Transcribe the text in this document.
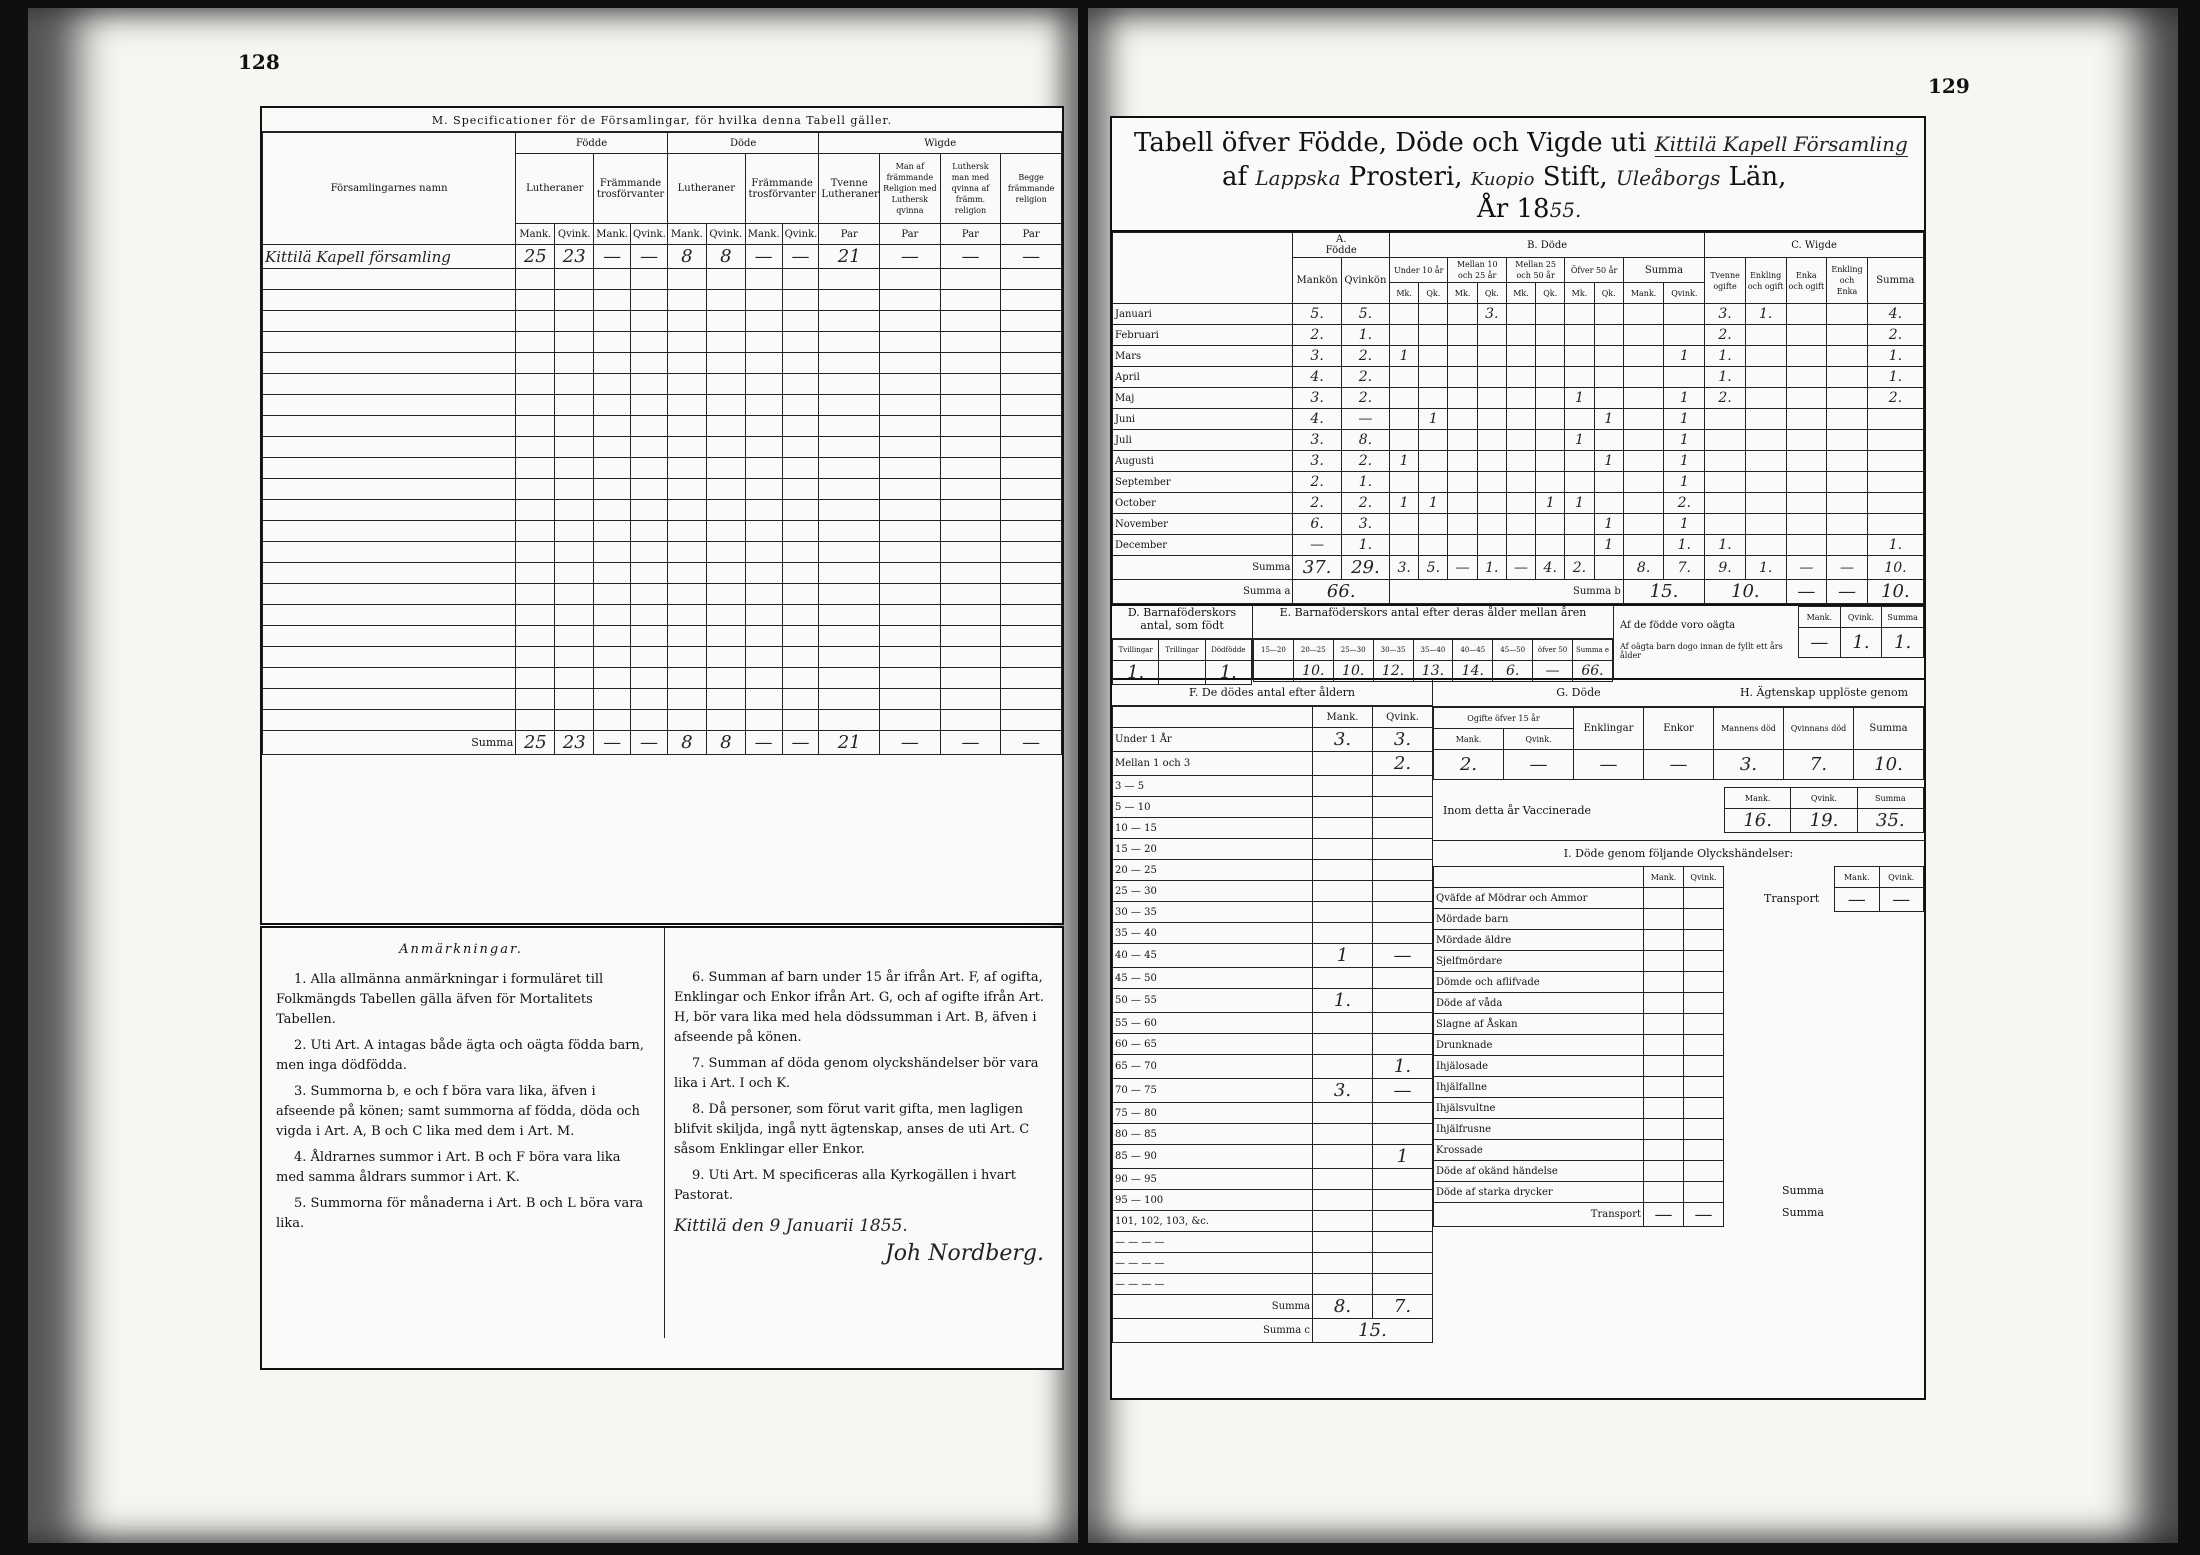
128
M. Specificationer för de Församlingar, för hvilka denna Tabell gäller.
Församlingarnes namn	Födde				Döde				Wigde			
	Lutheraner		Främmande trosförvanter		Lutheraner		Främmande trosförvanter		Tvenne Lutheraner	Man af främmande Religion med Luthersk qvinna	Luthersk man med qvinna af främm. religion	Begge främmande religion
	Mank.	Qvink.	Mank.	Qvink.	Mank.	Qvink.	Mank.	Qvink.	Par	Par	Par	Par
Kittilä Kapell församling	25	23	—	—	8	8	—	—	21	—	—	—

Summa	25	23	—	—	8	8	—	—	21	—	—	—
Anmärkningar.

1. Alla allmänna anmärkningar i formuläret till Folkmängds Tabellen gälla äfven för Mortalitets Tabellen.

2. Uti Art. A intagas både ägta och oägta födda barn, men inga dödfödda.

3. Summorna b, e och f böra vara lika, äfven i afseende på könen; samt summorna af födda, döda och vigda i Art. A, B och C lika med dem i Art. M.

4. Åldrarnes summor i Art. B och F böra vara lika med samma åldrars summor i Art. K.

5. Summorna för månaderna i Art. B och L böra vara lika.

6. Summan af barn under 15 år ifrån Art. F, af ogifta, Enklingar och Enkor ifrån Art. G, och af ogifte ifrån Art. H, bör vara lika med hela dödssumman i Art. B, äfven i afseende på könen.

7. Summan af döda genom olyckshändelser bör vara lika i Art. I och K.

8. Då personer, som förut varit gifta, men lagligen blifvit skiljda, ingå nytt ägtenskap, anses de uti Art. C såsom Enklingar eller Enkor.

9. Uti Art. M specificeras alla Kyrkogällen i hvart Pastorat.

Kittilä den 9 Januarii 1855.
Joh Nordberg.
129
Tabell öfver Födde, Döde och Vigde uti Kittilä Kapell Församling
af Lappska Prosteri, Kuopio Stift, Uleåborgs Län,
År 1855.
	A.
Födde		B. Döde										C. Wigde				
	Mankön	Qvinkön	Under 10 år		Mellan 10 och 25 år		Mellan 25 och 50 år		Öfver 50 år		Summa		Tvenne ogifte	Enkling och ogift	Enka och ogift	Enkling och Enka	Summa
			Mk.	Qk.	Mk.	Qk.	Mk.	Qk.	Mk.	Qk.	Mank.	Qvink.					
Januari	5.	5.				3.							3.	1.			4.
Februari	2.	1.											2.				2.
Mars	3.	2.	1									1	1.				1.
April	4.	2.											1.				1.
Maj	3.	2.							1			1	2.				2.
Juni	4.	—		1						1		1					
Juli	3.	8.							1			1					
Augusti	3.	2.	1							1		1					
September	2.	1.										1					
October	2.	2.	1	1				1	1			2.					
November	6.	3.								1		1					
December	—	1.								1		1.	1.				1.
Summa	37.	29.	3.	5.	—	1.	—	4.	2.		8.	7.	9.	1.	—	—	10.
Summa a	66.		Summa b								15.		10.		—	—	10.
D. Barnaföderskors antal, som födt
Tvillingar	Trillingar	Dödfödde
1.		1.
E. Barnaföderskors antal efter deras ålder mellan åren
15—20	20—25	25—30	30—35	35—40	40—45	45—50	öfver 50	Summa e
	10.	10.	12.	13.	14.	6.	—	66.
Af de födde voro oägta
Af oägta barn dogo innan de fyllt ett års ålder
Mank.	Qvink.	Summa
—	1.	1.
F. De dödes antal efter åldern
	Mank.	Qvink.
Under 1 År	3.	3.
Mellan 1 och 3		2.
3 — 5		
5 — 10		
10 — 15		
15 — 20		
20 — 25		
25 — 30		
30 — 35		
35 — 40		
40 — 45	1	—
45 — 50		
50 — 55	1.	
55 — 60		
60 — 65		
65 — 70		1.
70 — 75	3.	—
75 — 80		
80 — 85		
85 — 90		1
90 — 95		
95 — 100		
101, 102, 103, &c.		
— — — —		
— — — —		
— — — —		
Summa	8.	7.
Summa c	15.	
G. Döde	H. Ägtenskap upplöste genom
Ogifte öfver 15 år		Enklingar	Enkor	Mannens död	Qvinnans död	Summa
Mank.	Qvink.					
2.	—	—	—	3.	7.	10.
Inom detta år Vaccinerade
Mank.	Qvink.	Summa
16.	19.	35.
I. Döde genom följande Olyckshändelser:
	Mank.	Qvink.
Qväfde af Mödrar och Ammor		
Mördade barn		
Mördade äldre		
Sjelfmördare		
Dömde och aflifvade		
Döde af våda		
Slagne af Åskan		
Drunknade		
Ihjälosade		
Ihjälfallne		
Ihjälsvultne		
Ihjälfrusne		
Krossade		
Döde af okänd händelse		
Döde af starka drycker		
Transport	—	—
Transport
Mank.	Qvink.
—	—
Summa
Summa
